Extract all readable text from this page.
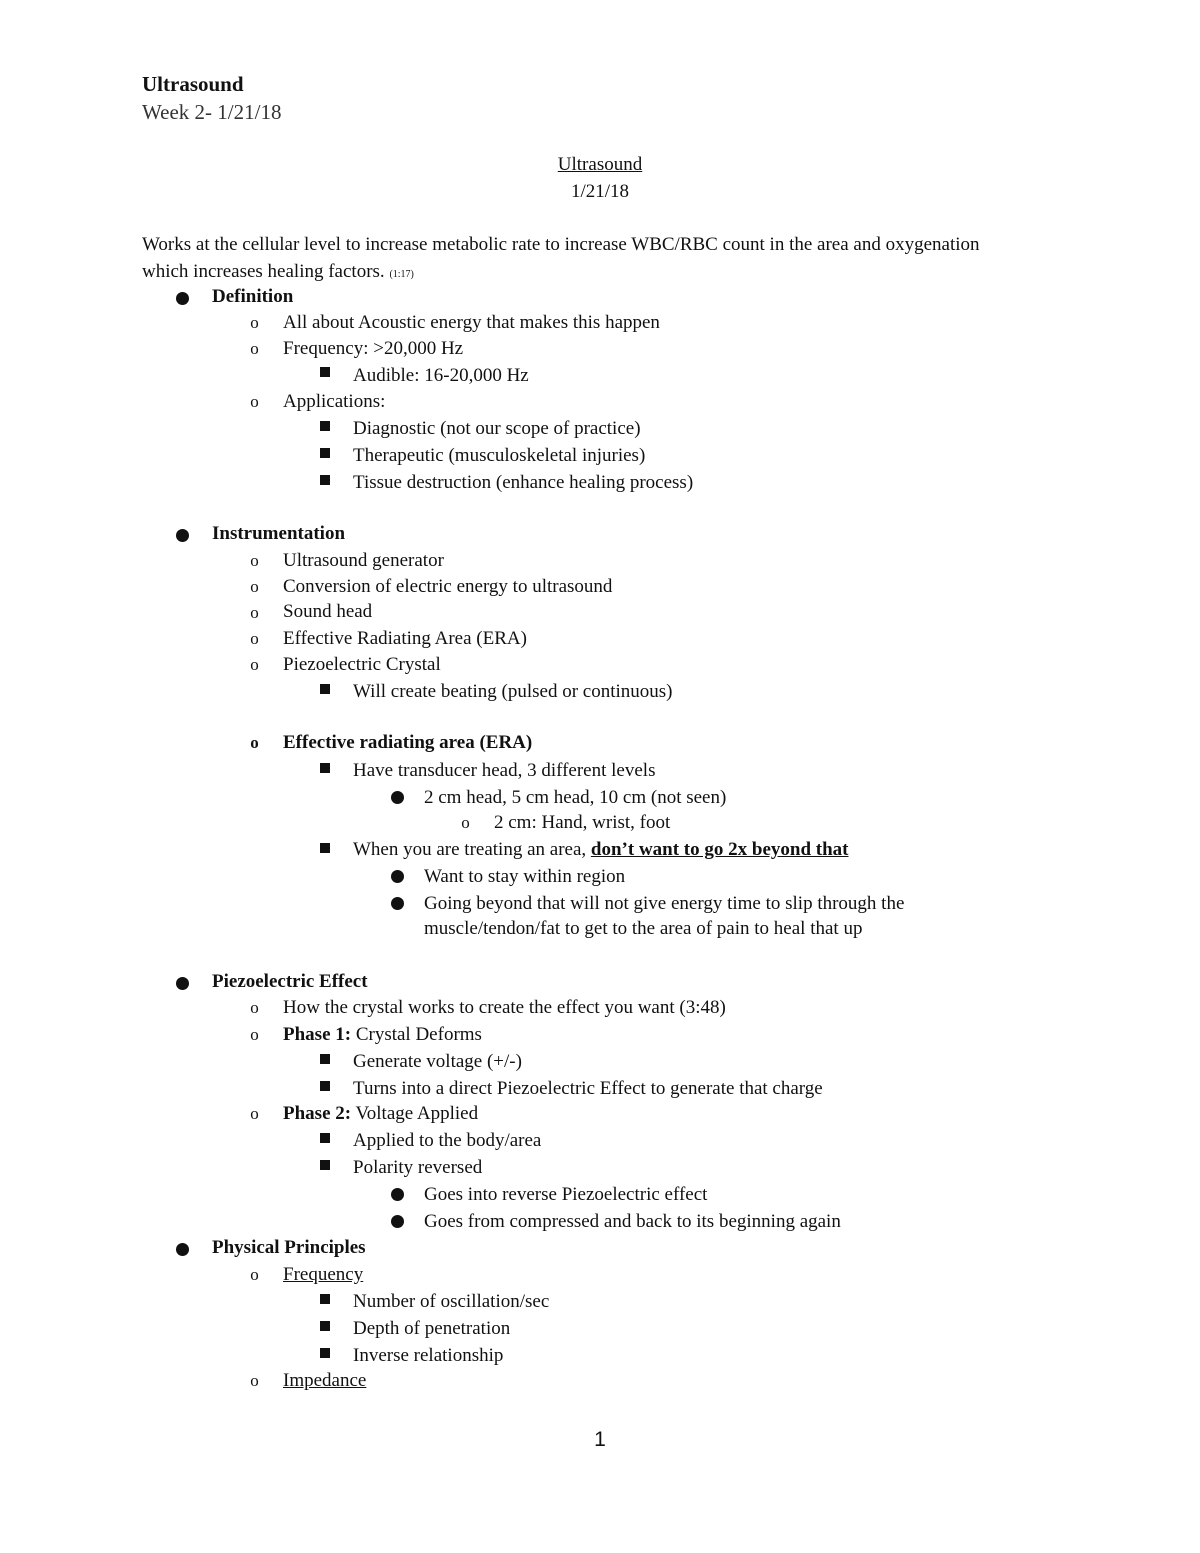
Ultrasound
Week 2- 1/21/18
Ultrasound
1/21/18
Works at the cellular level to increase metabolic rate to increase WBC/RBC count in the area and oxygenation which increases healing factors. (1:17)
Definition
o All about Acoustic energy that makes this happen
o Frequency: >20,000 Hz
Audible: 16-20,000 Hz
o Applications:
Diagnostic (not our scope of practice)
Therapeutic (musculoskeletal injuries)
Tissue destruction (enhance healing process)
Instrumentation
o Ultrasound generator
o Conversion of electric energy to ultrasound
o Sound head
o Effective Radiating Area (ERA)
o Piezoelectric Crystal
Will create beating (pulsed or continuous)
o Effective radiating area (ERA)
Have transducer head, 3 different levels
2 cm head, 5 cm head, 10 cm (not seen)
o 2 cm: Hand, wrist, foot
When you are treating an area, don’t want to go 2x beyond that
Want to stay within region
Going beyond that will not give energy time to slip through the
muscle/tendon/fat to get to the area of pain to heal that up
Piezoelectric Effect
o How the crystal works to create the effect you want (3:48)
o Phase 1: Crystal Deforms
Generate voltage (+/-)
Turns into a direct Piezoelectric Effect to generate that charge
o Phase 2: Voltage Applied
Applied to the body/area
Polarity reversed
Goes into reverse Piezoelectric effect
Goes from compressed and back to its beginning again
Physical Principles
o Frequency
Number of oscillation/sec
Depth of penetration
Inverse relationship
o Impedance
1
